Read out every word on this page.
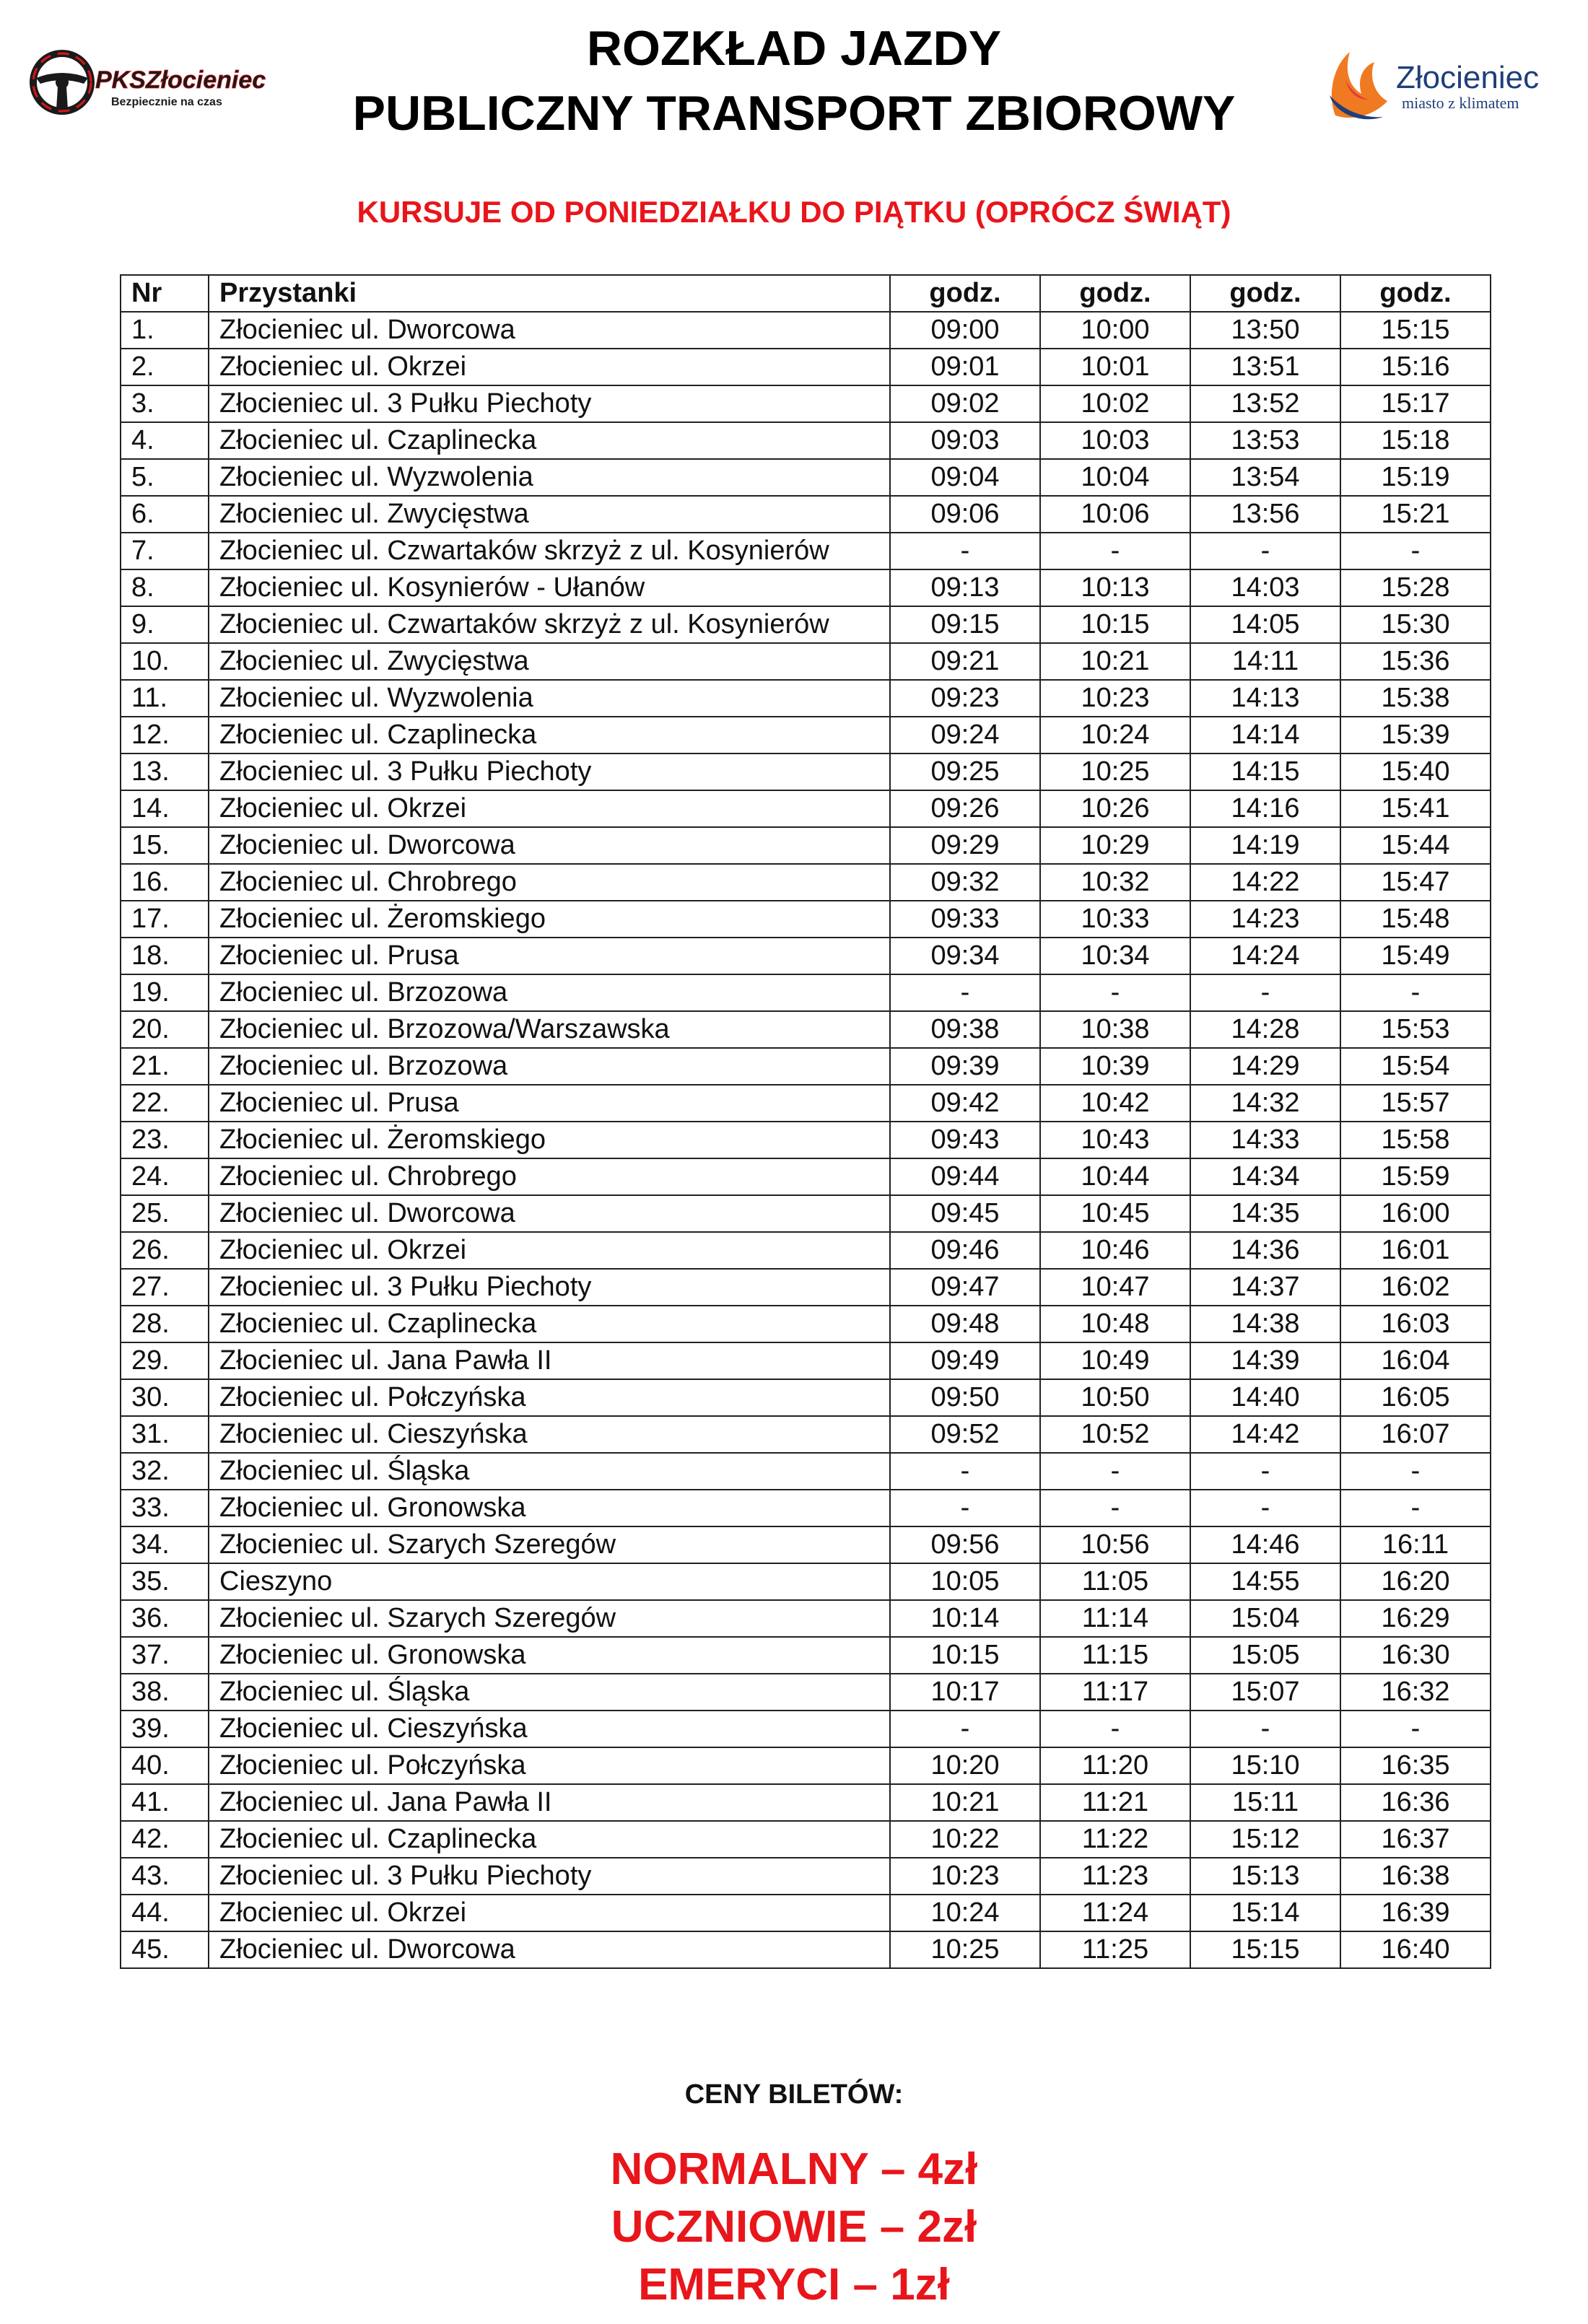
PKSZłocieniec
Bezpiecznie na czas
Złocieniec
miasto z klimatem
ROZKŁAD JAZDY
PUBLICZNY TRANSPORT ZBIOROWY
KURSUJE OD PONIEDZIAŁKU DO PIĄTKU (OPRÓCZ ŚWIĄT)
Nr	Przystanki	godz.	godz.	godz.	godz.
1.	Złocieniec ul. Dworcowa	09:00	10:00	13:50	15:15
2.	Złocieniec ul. Okrzei	09:01	10:01	13:51	15:16
3.	Złocieniec ul. 3 Pułku Piechoty	09:02	10:02	13:52	15:17
4.	Złocieniec ul. Czaplinecka	09:03	10:03	13:53	15:18
5.	Złocieniec ul. Wyzwolenia	09:04	10:04	13:54	15:19
6.	Złocieniec ul. Zwycięstwa	09:06	10:06	13:56	15:21
7.	Złocieniec ul. Czwartaków skrzyż z ul. Kosynierów	-	-	-	-
8.	Złocieniec ul. Kosynierów - Ułanów	09:13	10:13	14:03	15:28
9.	Złocieniec ul. Czwartaków skrzyż z ul. Kosynierów	09:15	10:15	14:05	15:30
10.	Złocieniec ul. Zwycięstwa	09:21	10:21	14:11	15:36
11.	Złocieniec ul. Wyzwolenia	09:23	10:23	14:13	15:38
12.	Złocieniec ul. Czaplinecka	09:24	10:24	14:14	15:39
13.	Złocieniec ul. 3 Pułku Piechoty	09:25	10:25	14:15	15:40
14.	Złocieniec ul. Okrzei	09:26	10:26	14:16	15:41
15.	Złocieniec ul. Dworcowa	09:29	10:29	14:19	15:44
16.	Złocieniec ul. Chrobrego	09:32	10:32	14:22	15:47
17.	Złocieniec ul. Żeromskiego	09:33	10:33	14:23	15:48
18.	Złocieniec ul. Prusa	09:34	10:34	14:24	15:49
19.	Złocieniec ul. Brzozowa	-	-	-	-
20.	Złocieniec ul. Brzozowa/Warszawska	09:38	10:38	14:28	15:53
21.	Złocieniec ul. Brzozowa	09:39	10:39	14:29	15:54
22.	Złocieniec ul. Prusa	09:42	10:42	14:32	15:57
23.	Złocieniec ul. Żeromskiego	09:43	10:43	14:33	15:58
24.	Złocieniec ul. Chrobrego	09:44	10:44	14:34	15:59
25.	Złocieniec ul. Dworcowa	09:45	10:45	14:35	16:00
26.	Złocieniec ul. Okrzei	09:46	10:46	14:36	16:01
27.	Złocieniec ul. 3 Pułku Piechoty	09:47	10:47	14:37	16:02
28.	Złocieniec ul. Czaplinecka	09:48	10:48	14:38	16:03
29.	Złocieniec ul. Jana Pawła II	09:49	10:49	14:39	16:04
30.	Złocieniec ul. Połczyńska	09:50	10:50	14:40	16:05
31.	Złocieniec ul. Cieszyńska	09:52	10:52	14:42	16:07
32.	Złocieniec ul. Śląska	-	-	-	-
33.	Złocieniec ul. Gronowska	-	-	-	-
34.	Złocieniec ul. Szarych Szeregów	09:56	10:56	14:46	16:11
35.	Cieszyno	10:05	11:05	14:55	16:20
36.	Złocieniec ul. Szarych Szeregów	10:14	11:14	15:04	16:29
37.	Złocieniec ul. Gronowska	10:15	11:15	15:05	16:30
38.	Złocieniec ul. Śląska	10:17	11:17	15:07	16:32
39.	Złocieniec ul. Cieszyńska	-	-	-	-
40.	Złocieniec ul. Połczyńska	10:20	11:20	15:10	16:35
41.	Złocieniec ul. Jana Pawła II	10:21	11:21	15:11	16:36
42.	Złocieniec ul. Czaplinecka	10:22	11:22	15:12	16:37
43.	Złocieniec ul. 3 Pułku Piechoty	10:23	11:23	15:13	16:38
44.	Złocieniec ul. Okrzei	10:24	11:24	15:14	16:39
45.	Złocieniec ul. Dworcowa	10:25	11:25	15:15	16:40
CENY BILETÓW:
NORMALNY – 4zł
UCZNIOWIE – 2zł
EMERYCI – 1zł
